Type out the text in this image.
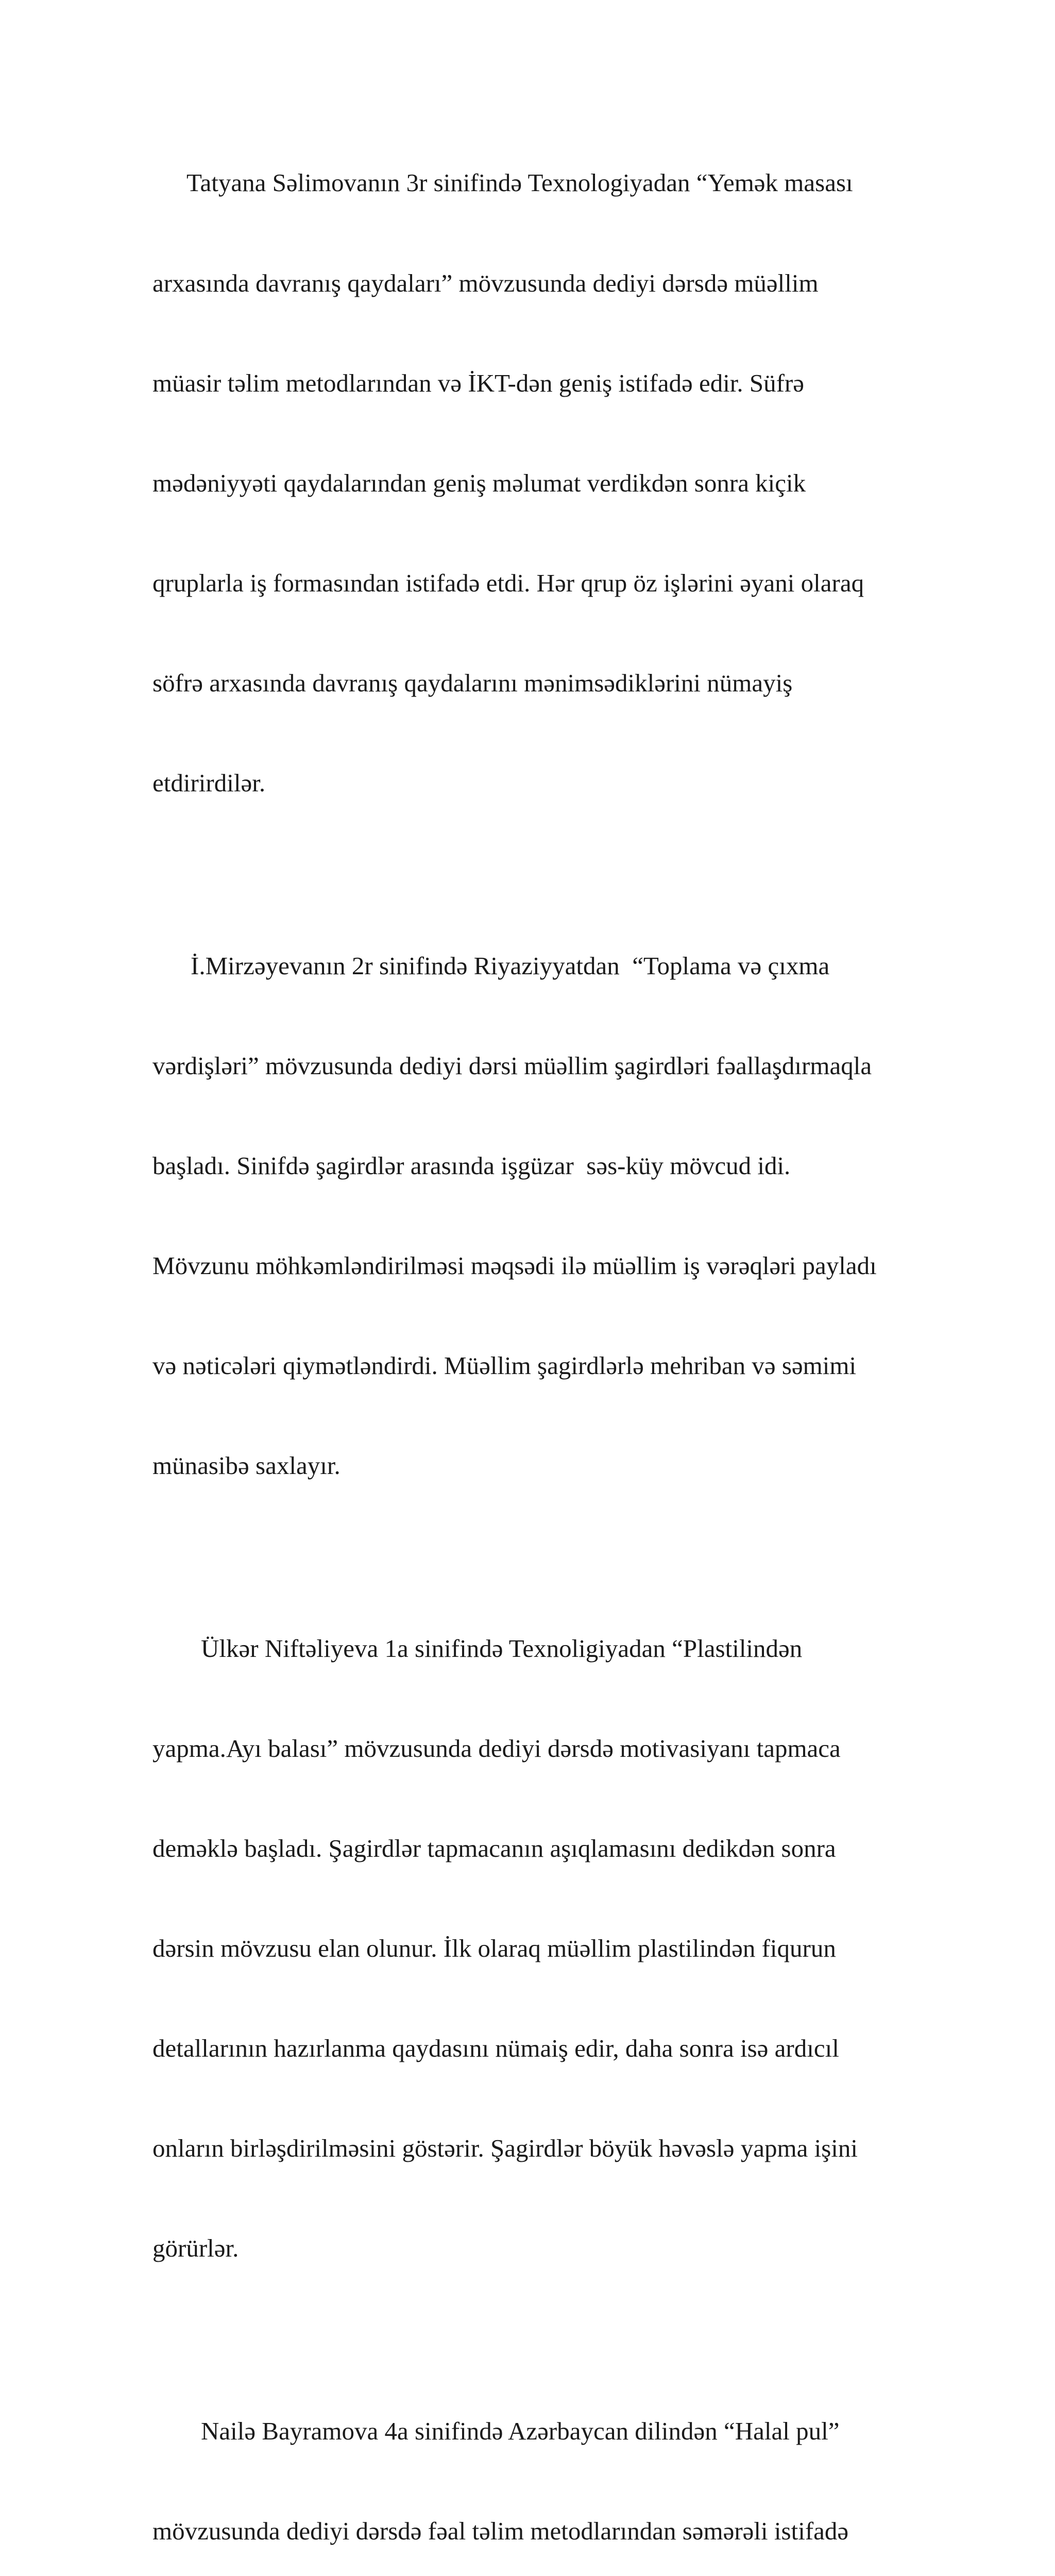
Tatyana Səlimovanın 3r sinifində Texnologiyadan “Yemək masası

arxasında davranış qaydaları” mövzusunda dediyi dərsdə müəllim

müasir təlim metodlarından və İKT-dən geniş istifadə edir. Süfrə

mədəniyyəti qaydalarından geniş məlumat verdikdən sonra kiçik

qruplarla iş formasından istifadə etdi. Hər qrup öz işlərini əyani olaraq

söfrə arxasında davranış qaydalarını mənimsədiklərini nümayiş

etdirirdilər.

İ.Mirzəyevanın 2r sinifində Riyaziyyatdan  “Toplama və çıxma

vərdişləri” mövzusunda dediyi dərsi müəllim şagirdləri fəallaşdırmaqla

başladı. Sinifdə şagirdlər arasında işgüzar  səs-küy mövcud idi.

Mövzunu möhkəmləndirilməsi məqsədi ilə müəllim iş vərəqləri payladı

və nəticələri qiymətləndirdi. Müəllim şagirdlərlə mehriban və səmimi

münasibə saxlayır.

Ülkər Niftəliyeva 1a sinifində Texnoligiyadan “Plastilindən

yapma.Ayı balası” mövzusunda dediyi dərsdə motivasiyanı tapmaca

deməklə başladı. Şagirdlər tapmacanın aşıqlamasını dedikdən sonra

dərsin mövzusu elan olunur. İlk olaraq müəllim plastilindən fiqurun

detallarının hazırlanma qaydasını nümaiş edir, daha sonra isə ardıcıl

onların birləşdirilməsini göstərir. Şagirdlər böyük həvəslə yapma işini

görürlər.

Nailə Bayramova 4a sinifində Azərbaycan dilindən “Halal pul”

mövzusunda dediyi dərsdə fəal təlim metodlarından səmərəli istifadə
